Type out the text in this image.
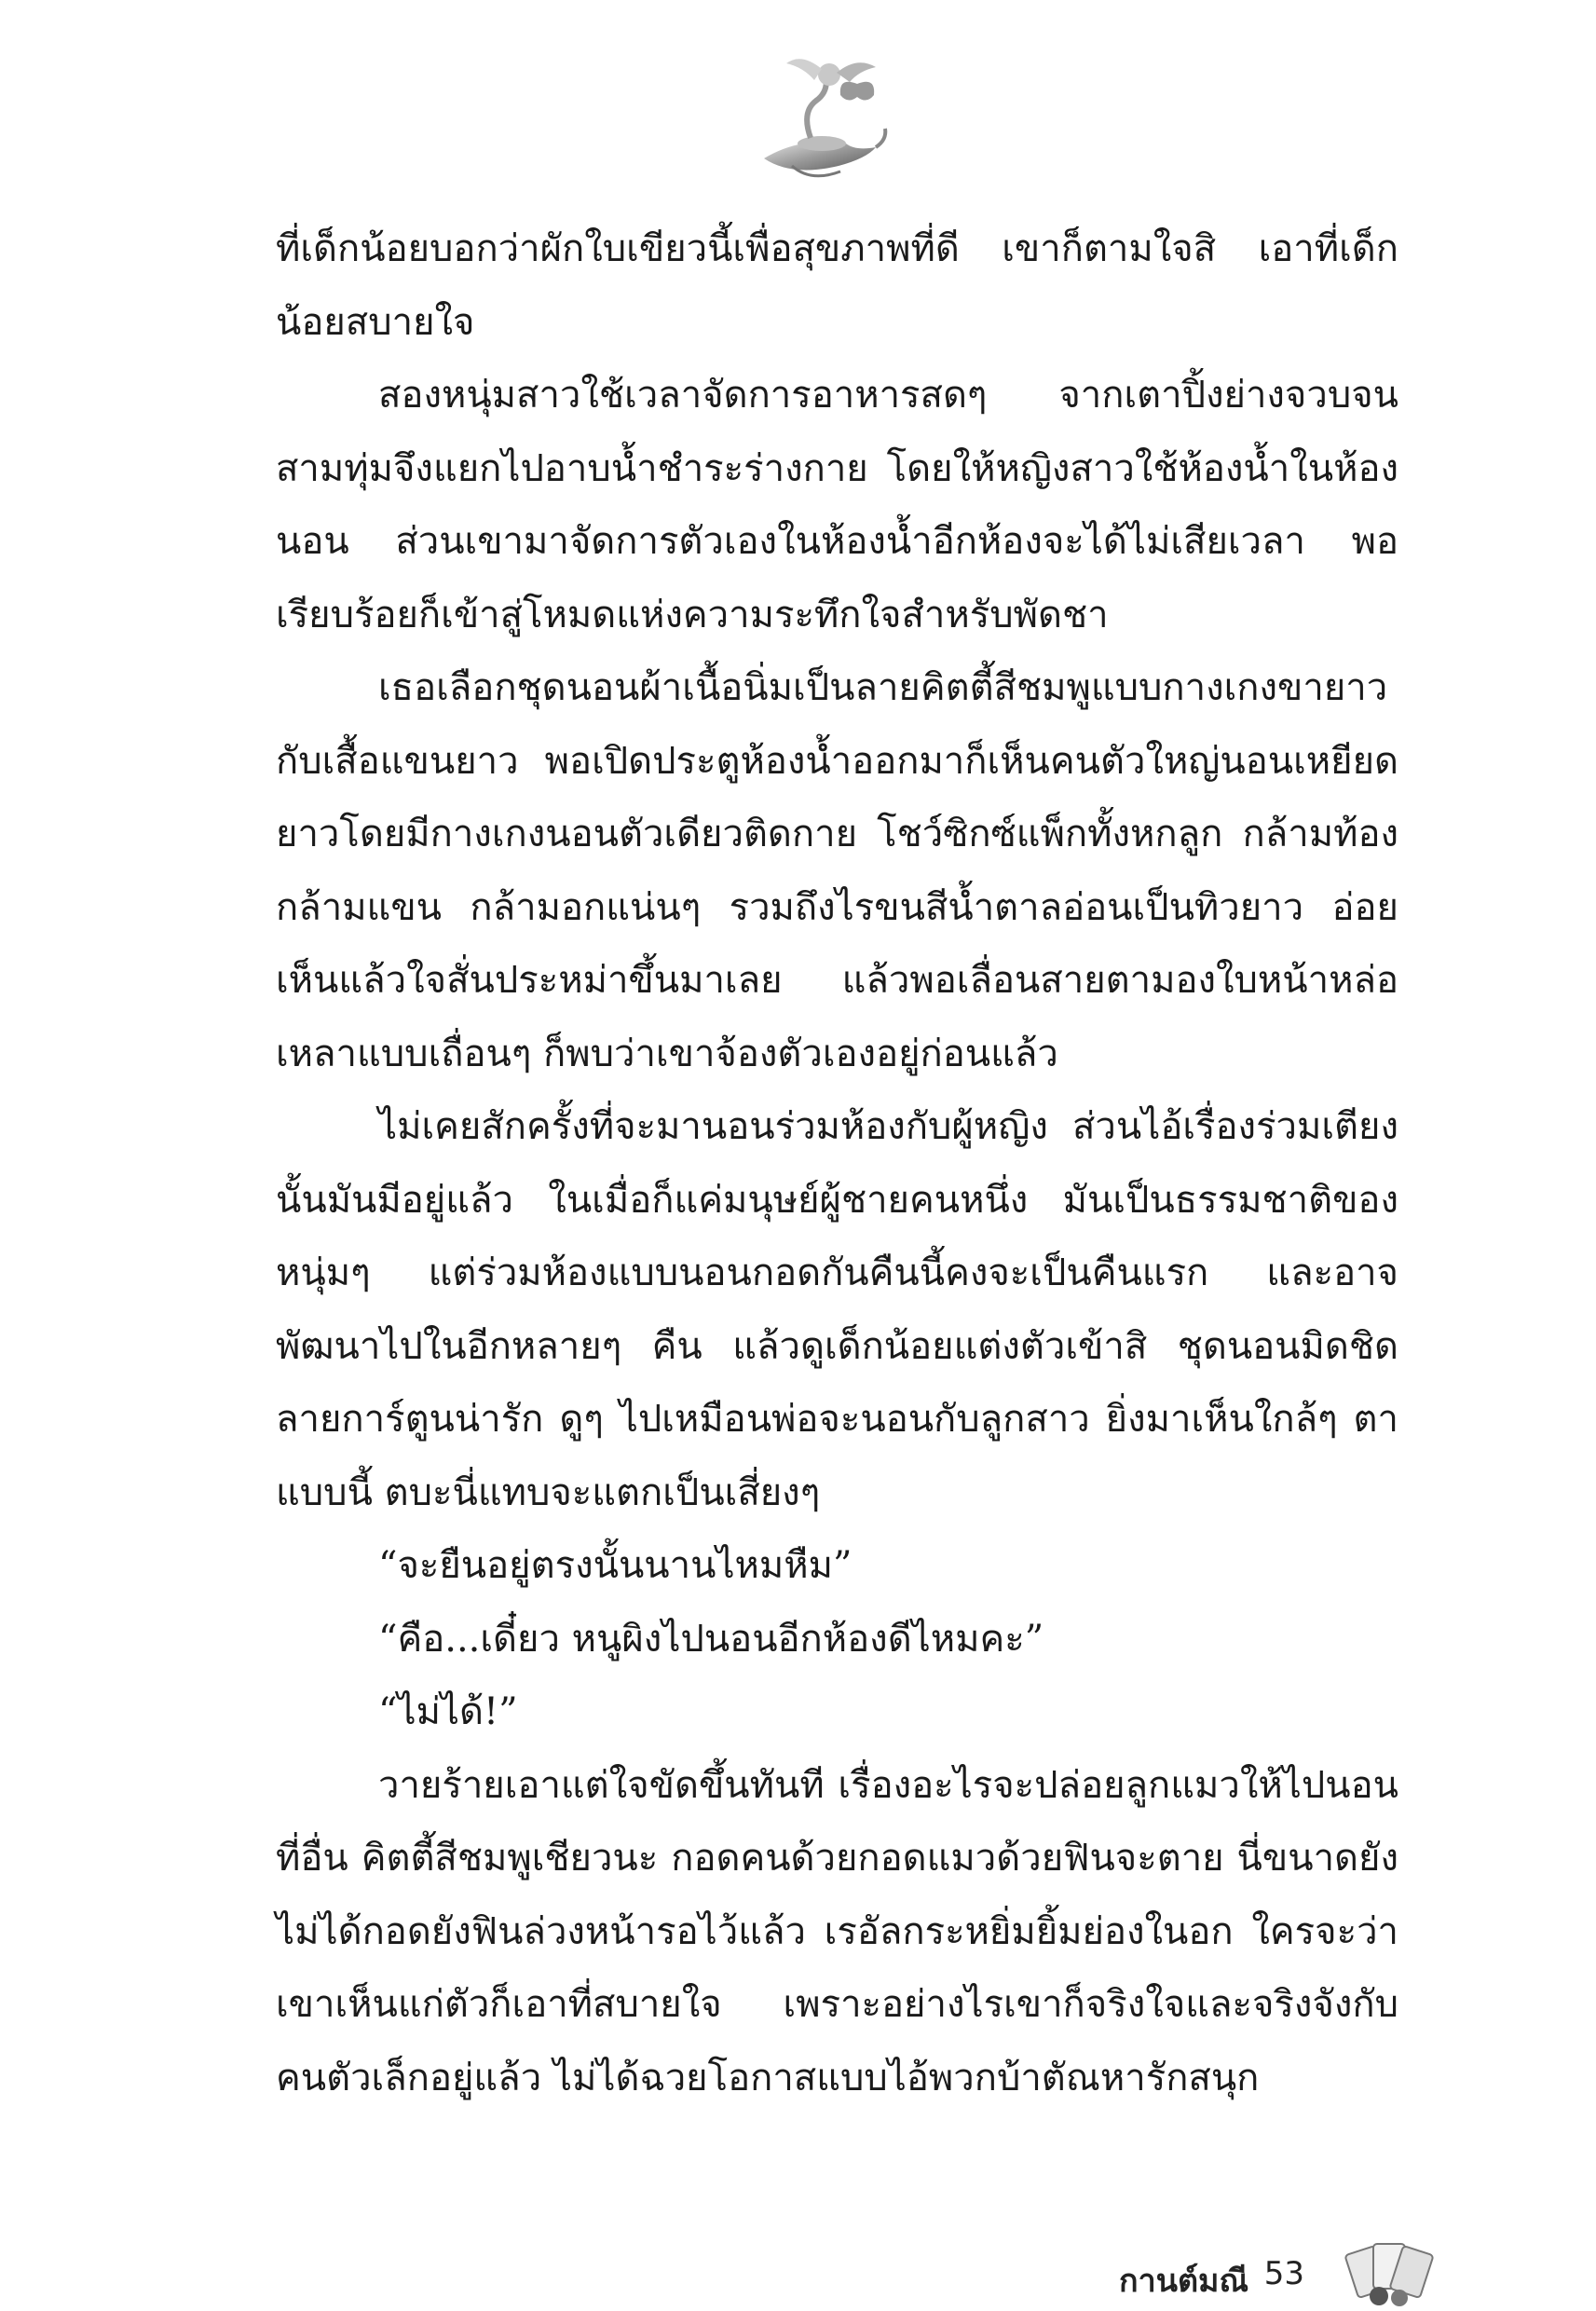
ที่เด็กน้อยบอกว่าผักใบเขียวนี้เพื่อสุขภาพที่ดี เขาก็ตามใจสิ เอาที่เด็กน้อยสบายใจ

สองหนุ่มสาวใช้เวลาจัดการอาหารสดๆ จากเตาปิ้งย่างจวบจนสามทุ่มจึงแยกไปอาบน้ำชำระร่างกาย โดยให้หญิงสาวใช้ห้องน้ำในห้องนอน ส่วนเขามาจัดการตัวเองในห้องน้ำอีกห้องจะได้ไม่เสียเวลา พอเรียบร้อยก็เข้าสู่โหมดแห่งความระทึกใจสำหรับพัดชา

เธอเลือกชุดนอนผ้าเนื้อนิ่มเป็นลายคิตตี้สีชมพูแบบกางเกงขายาวกับเสื้อแขนยาว พอเปิดประตูห้องน้ำออกมาก็เห็นคนตัวใหญ่นอนเหยียดยาวโดยมีกางเกงนอนตัวเดียวติดกาย โชว์ซิกซ์แพ็กทั้งหกลูก กล้ามท้อง กล้ามแขน กล้ามอกแน่นๆ รวมถึงไรขนสีน้ำตาลอ่อนเป็นทิวยาว อ่อย เห็นแล้วใจสั่นประหม่าขึ้นมาเลย แล้วพอเลื่อนสายตามองใบหน้าหล่อเหลาแบบเถื่อนๆ ก็พบว่าเขาจ้องตัวเองอยู่ก่อนแล้ว

ไม่เคยสักครั้งที่จะมานอนร่วมห้องกับผู้หญิง ส่วนไอ้เรื่องร่วมเตียงนั้นมันมีอยู่แล้ว ในเมื่อก็แค่มนุษย์ผู้ชายคนหนึ่ง มันเป็นธรรมชาติของหนุ่มๆ แต่ร่วมห้องแบบนอนกอดกันคืนนี้คงจะเป็นคืนแรก และอาจพัฒนาไปในอีกหลายๆ คืน แล้วดูเด็กน้อยแต่งตัวเข้าสิ ชุดนอนมิดชิดลายการ์ตูนน่ารัก ดูๆ ไปเหมือนพ่อจะนอนกับลูกสาว ยิ่งมาเห็นใกล้ๆ ตาแบบนี้ ตบะนี่แทบจะแตกเป็นเสี่ยงๆ

“จะยืนอยู่ตรงนั้นนานไหมหืม”

“คือ...เดี๋ยว หนูผิงไปนอนอีกห้องดีไหมคะ”

“ไม่ได้!”

วายร้ายเอาแต่ใจขัดขึ้นทันที เรื่องอะไรจะปล่อยลูกแมวให้ไปนอนที่อื่น คิตตี้สีชมพูเชียวนะ กอดคนด้วยกอดแมวด้วยฟินจะตาย นี่ขนาดยังไม่ได้กอดยังฟินล่วงหน้ารอไว้แล้ว เรอัลกระหยิ่มยิ้มย่องในอก ใครจะว่าเขาเห็นแก่ตัวก็เอาที่สบายใจ เพราะอย่างไรเขาก็จริงใจและจริงจังกับคนตัวเล็กอยู่แล้ว ไม่ได้ฉวยโอกาสแบบไอ้พวกบ้าตัณหารักสนุก

กานต์มณี 53
